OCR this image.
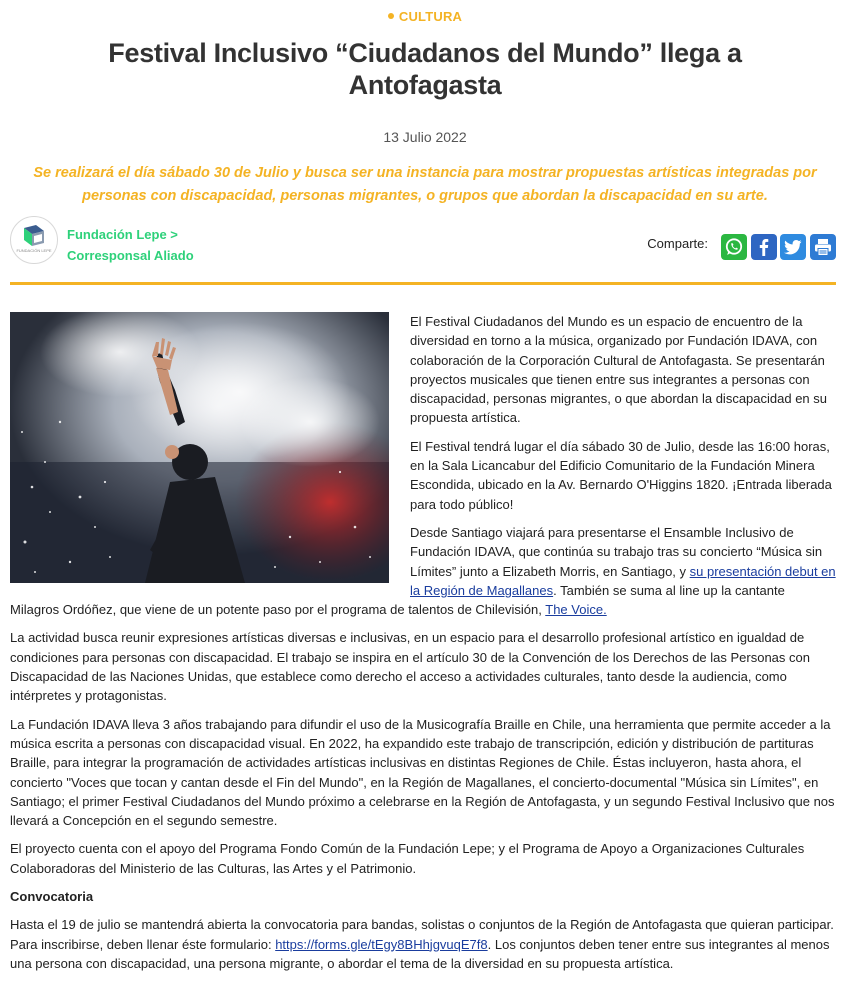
CULTURA
Festival Inclusivo “Ciudadanos del Mundo” llega a Antofagasta
13 Julio 2022
Se realizará el día sábado 30 de Julio y busca ser una instancia para mostrar propuestas artísticas integradas por personas con discapacidad, personas migrantes, o grupos que abordan la discapacidad en su arte.
FUNDACIÓN LEPE
Fundación Lepe >
Corresponsal Aliado
Comparte:

El Festival Ciudadanos del Mundo es un espacio de encuentro de la diversidad en torno a la música, organizado por Fundación IDAVA, con colaboración de la Corporación Cultural de Antofagasta. Se presentarán proyectos musicales que tienen entre sus integrantes a personas con discapacidad, personas migrantes, o que abordan la discapacidad en su propuesta artística.

El Festival tendrá lugar el día sábado 30 de Julio, desde las 16:00 horas, en la Sala Licancabur del Edificio Comunitario de la Fundación Minera Escondida, ubicado en la Av. Bernardo O'Higgins 1820. ¡Entrada liberada para todo público!

Desde Santiago viajará para presentarse el Ensamble Inclusivo de Fundación IDAVA, que continúa su trabajo tras su concierto “Música sin Límites” junto a Elizabeth Morris, en Santiago, y su presentación debut en la Región de Magallanes. También se suma al line up la cantante Milagros Ordóñez, que viene de un potente paso por el programa de talentos de Chilevisión, The Voice.

La actividad busca reunir expresiones artísticas diversas e inclusivas, en un espacio para el desarrollo profesional artístico en igualdad de condiciones para personas con discapacidad. El trabajo se inspira en el artículo 30 de la Convención de los Derechos de las Personas con Discapacidad de las Naciones Unidas, que establece como derecho el acceso a actividades culturales, tanto desde la audiencia, como intérpretes y protagonistas.

La Fundación IDAVA lleva 3 años trabajando para difundir el uso de la Musicografía Braille en Chile, una herramienta que permite acceder a la música escrita a personas con discapacidad visual. En 2022, ha expandido este trabajo de transcripción, edición y distribución de partituras Braille, para integrar la programación de actividades artísticas inclusivas en distintas Regiones de Chile. Éstas incluyeron, hasta ahora, el concierto "Voces que tocan y cantan desde el Fin del Mundo", en la Región de Magallanes, el concierto-documental "Música sin Límites", en Santiago; el primer Festival Ciudadanos del Mundo próximo a celebrarse en la Región de Antofagasta, y un segundo Festival Inclusivo que nos llevará a Concepción en el segundo semestre.

El proyecto cuenta con el apoyo del Programa Fondo Común de la Fundación Lepe; y el Programa de Apoyo a Organizaciones Culturales Colaboradoras del Ministerio de las Culturas, las Artes y el Patrimonio.

Convocatoria

Hasta el 19 de julio se mantendrá abierta la convocatoria para bandas, solistas o conjuntos de la Región de Antofagasta que quieran participar. Para inscribirse, deben llenar éste formulario: https://forms.gle/tEgy8BHhjgvuqE7f8. Los conjuntos deben tener entre sus integrantes al menos una persona con discapacidad, una persona migrante, o abordar el tema de la diversidad en su propuesta artística.
